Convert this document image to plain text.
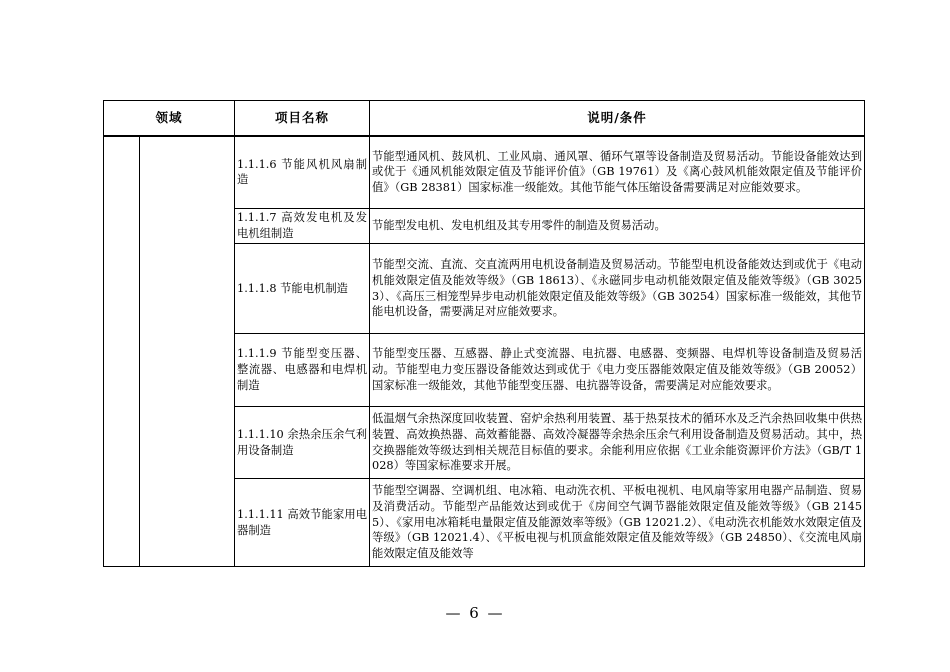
领域		项目名称	说明/条件
		1.1.1.6 节能风机风扇制造	节能型通风机、鼓风机、工业风扇、通风罩、循环气罩等设备制造及贸易活动。节能设备能效达到或优于《通风机能效限定值及节能评价值》（GB 19761）及《离心鼓风机能效限定值及节能评价值》（GB 28381）国家标准一级能效。其他节能气体压缩设备需要满足对应能效要求。
		1.1.1.7 高效发电机及发电机组制造	节能型发电机、发电机组及其专用零件的制造及贸易活动。
		1.1.1.8 节能电机制造	节能型交流、直流、交直流两用电机设备制造及贸易活动。节能型电机设备能效达到或优于《电动机能效限定值及能效等级》（GB 18613）、《永磁同步电动机能效限定值及能效等级》（GB 30253）、《高压三相笼型异步电动机能效限定值及能效等级》（GB 30254）国家标准一级能效，其他节能电机设备，需要满足对应能效要求。
		1.1.1.9 节能型变压器、整流器、电感器和电焊机制造	节能型变压器、互感器、静止式变流器、电抗器、电感器、变频器、电焊机等设备制造及贸易活动。节能型电力变压器设备能效达到或优于《电力变压器能效限定值及能效等级》（GB 20052）国家标准一级能效，其他节能型变压器、电抗器等设备，需要满足对应能效要求。
		1.1.1.10 余热余压余气利用设备制造	低温烟气余热深度回收装置、窑炉余热利用装置、基于热泵技术的循环水及乏汽余热回收集中供热装置、高效换热器、高效蓄能器、高效冷凝器等余热余压余气利用设备制造及贸易活动。其中，热交换器能效等级达到相关规范目标值的要求。余能利用应依据《工业余能资源评价方法》（GB/T 1028）等国家标准要求开展。
		1.1.1.11 高效节能家用电器制造	节能型空调器、空调机组、电冰箱、电动洗衣机、平板电视机、电风扇等家用电器产品制造、贸易及消费活动。节能型产品能效达到或优于《房间空气调节器能效限定值及能效等级》（GB 21455）、《家用电冰箱耗电量限定值及能源效率等级》（GB 12021.2）、《电动洗衣机能效水效限定值及等级》（GB 12021.4）、《平板电视与机顶盒能效限定值及能效等级》（GB 24850）、《交流电风扇能效限定值及能效等
— 6 —
